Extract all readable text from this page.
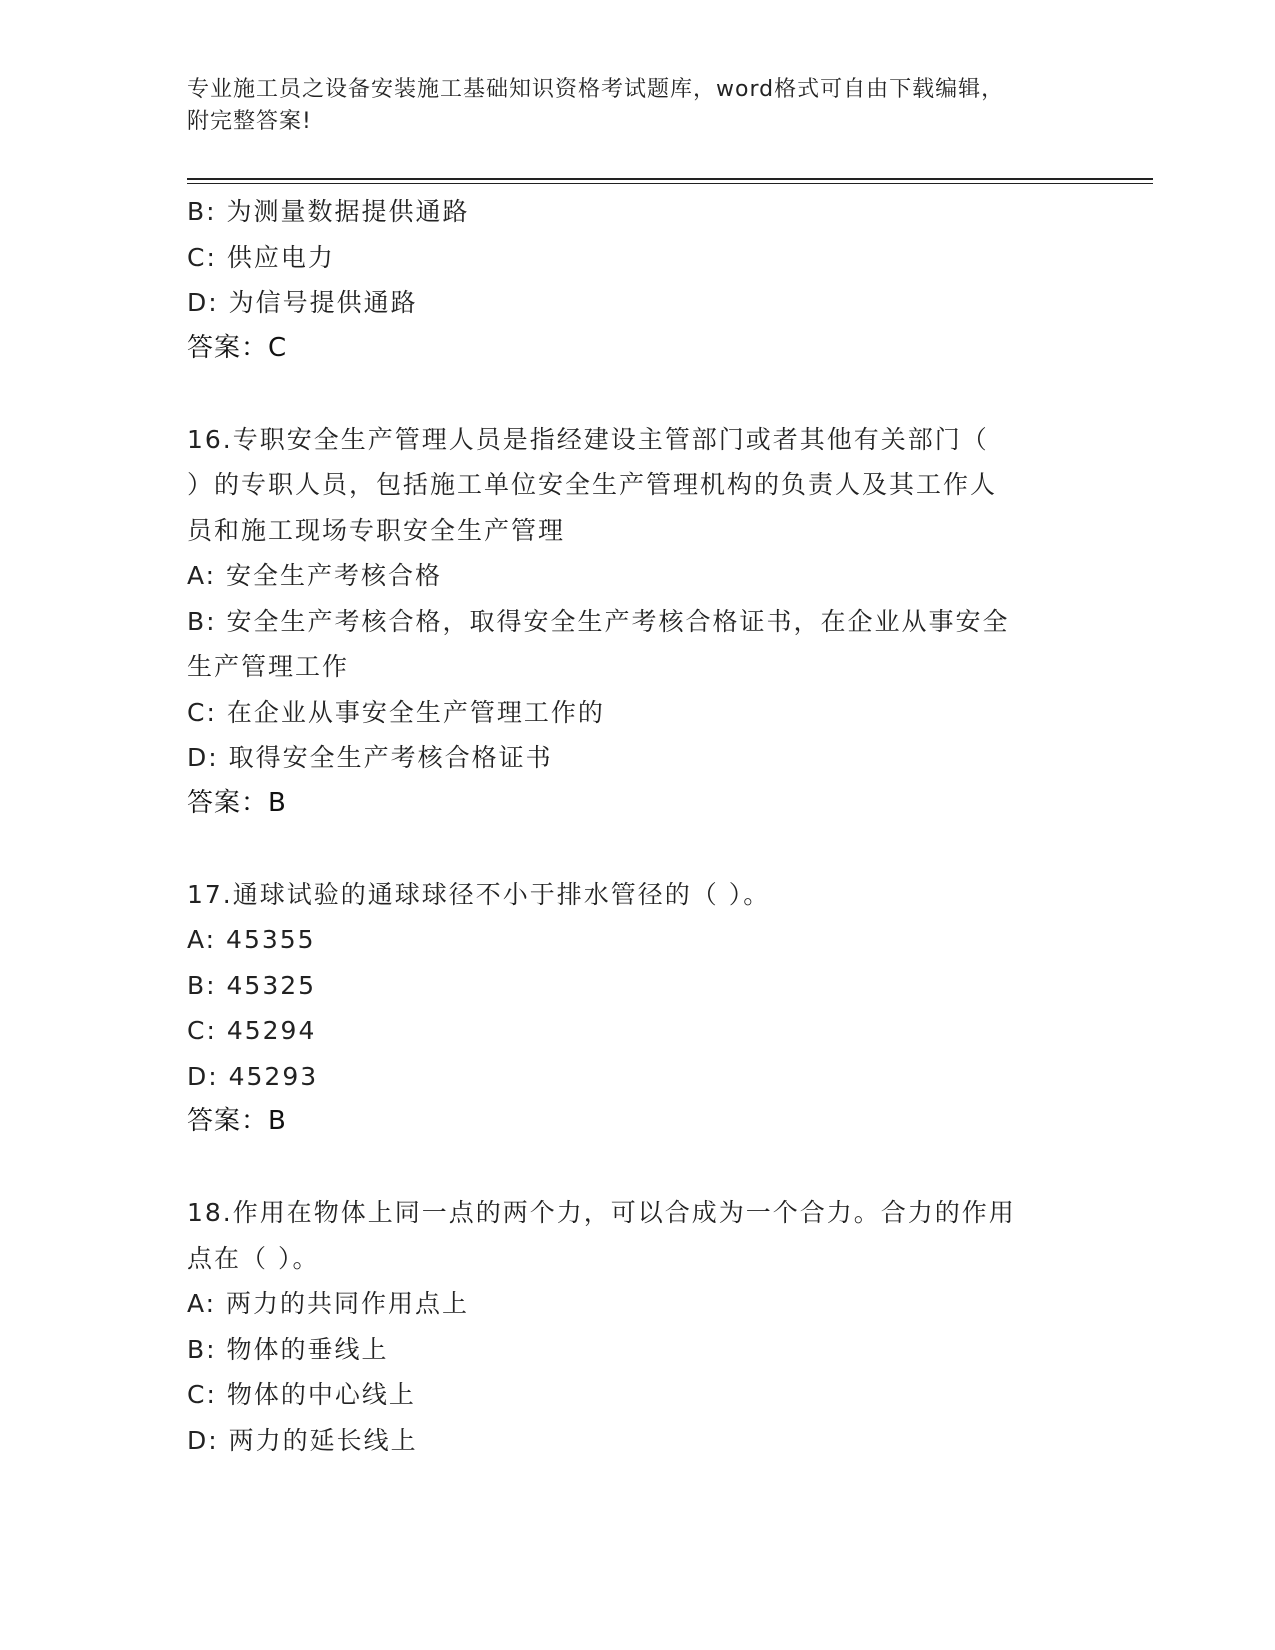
专业施工员之设备安装施工基础知识资格考试题库，word格式可自由下载编辑，
附完整答案!
B: 为测量数据提供通路
C: 供应电力
D: 为信号提供通路
答案：C
16.专职安全生产管理人员是指经建设主管部门或者其他有关部门（
）的专职人员，包括施工单位安全生产管理机构的负责人及其工作人
员和施工现场专职安全生产管理
A: 安全生产考核合格
B: 安全生产考核合格，取得安全生产考核合格证书，在企业从事安全
生产管理工作
C: 在企业从事安全生产管理工作的
D: 取得安全生产考核合格证书
答案：B
17.通球试验的通球球径不小于排水管径的（ ）。
A: 45355
B: 45325
C: 45294
D: 45293
答案：B
18.作用在物体上同一点的两个力，可以合成为一个合力。合力的作用
点在（ ）。
A: 两力的共同作用点上
B: 物体的垂线上
C: 物体的中心线上
D: 两力的延长线上
